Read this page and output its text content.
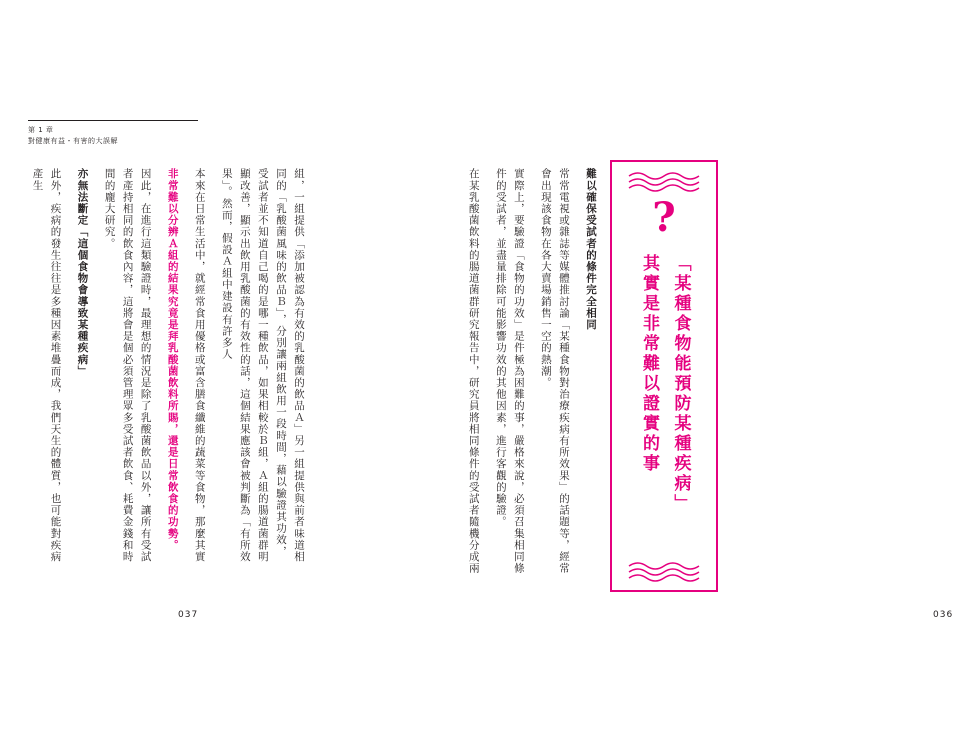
第 1 章
對健康有益・有害的大誤解
組，一組提供「添加被認為有效的乳酸菌的飲品Ａ」另一組提供與前者味道相同的「乳酸菌風味的飲品Ｂ」，分別讓兩組飲用一段時間，藉以驗證其功效，受試者並不知道自己喝的是哪一種飲品，如果相較於Ｂ組，Ａ組的腸道菌群明顯改善，顯示出飲用乳酸菌的有效性的話，這個結果應該會被判斷為「有所效果」。然而，假設Ａ組中建設有許多人
本來在日常生活中，就經常食用優格或富含膳食纖維的蔬菜等食物，那麼其實
非常難以分辨Ａ組的結果究竟是拜乳酸菌飲料所賜，還是日常飲食的功勢。
因此，在進行這類驗證時，最理想的情況是除了乳酸菌飲品以外，讓所有受試者產持相同的飲食內容，這將會是個必須管理眾多受試者飲食、耗費金錢和時間的龐大研究。
亦無法斷定「這個食物會導致某種疾病」
此外，疾病的發生往往是多種因素堆疊而成，我們天生的體質，也可能對疾病產生
037
難以確保受試者的條件完全相同
常常電視或雜誌等媒體推討論「某種食物對治療疾病有所效果」的話題等，經常會出現該食物在各大賣場銷售一空的熱潮。
實際上，要驗證「食物的功效」是件極為困難的事，嚴格來說，必須召集相同條件的受試者，並盡量排除可能影響功效的其他因素，進行客觀的驗證。
在某乳酸菌飲料的腸道菌群研究報告中，研究員將相同條件的受試者隨機分成兩	?
「某種食物能預防某種疾病」
其實是非常難以證實的事
036
